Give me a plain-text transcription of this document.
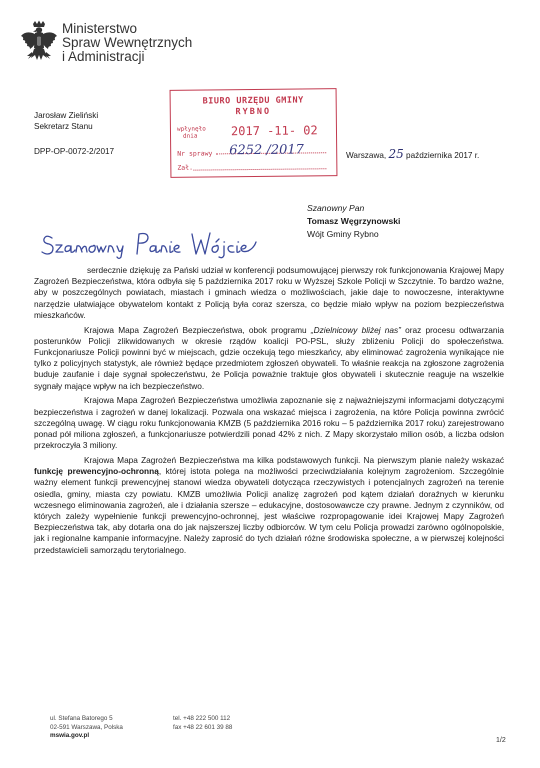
Ministerstwo
Spraw Wewnętrznych
i Administracji
Jarosław Zieliński
Sekretarz Stanu
DPP-OP-0072-2/2017
BIURO URZĘDU GMINY
RYBNO
wpłynęło
dnia	2017 -11- 02
Nr sprawy 6252 /2017
Zał.
Warszawa, 25 października 2017 r.
Szanowny Pan
Tomasz Węgrzynowski
Wójt Gminy Rybno

serdecznie dziękuję za Pański udział w konferencji podsumowującej pierwszy rok funkcjonowania Krajowej Mapy Zagrożeń Bezpieczeństwa, która odbyła się 5 października 2017 roku w Wyższej Szkole Policji w Szczytnie. To bardzo ważne, aby w poszczególnych powiatach, miastach i gminach wiedza o możliwościach, jakie daje to nowoczesne, interaktywne narzędzie ułatwiające obywatelom kontakt z Policją była coraz szersza, co będzie miało wpływ na poziom bezpieczeństwa mieszkańców.

Krajowa Mapa Zagrożeń Bezpieczeństwa, obok programu „Dzielnicowy bliżej nas” oraz procesu odtwarzania posterunków Policji zlikwidowanych w okresie rządów koalicji PO-PSL, służy zbliżeniu Policji do społeczeństwa. Funkcjonariusze Policji powinni być w miejscach, gdzie oczekują tego mieszkańcy, aby eliminować zagrożenia wynikające nie tylko z policyjnych statystyk, ale również będące przedmiotem zgłoszeń obywateli. To właśnie reakcja na zgłoszone zagrożenia buduje zaufanie i daje sygnał społeczeństwu, że Policja poważnie traktuje głos obywateli i skutecznie reaguje na wszelkie sygnały mające wpływ na ich bezpieczeństwo.

Krajowa Mapa Zagrożeń Bezpieczeństwa umożliwia zapoznanie się z najważniejszymi informacjami dotyczącymi bezpieczeństwa i zagrożeń w danej lokalizacji. Pozwala ona wskazać miejsca i zagrożenia, na które Policja powinna zwrócić szczególną uwagę. W ciągu roku funkcjonowania KMZB (5 października 2016 roku – 5 października 2017 roku) zarejestrowano ponad pół miliona zgłoszeń, a funkcjonariusze potwierdzili ponad 42% z nich. Z Mapy skorzystało milion osób, a liczba odsłon przekroczyła 3 miliony.

Krajowa Mapa Zagrożeń Bezpieczeństwa ma kilka podstawowych funkcji. Na pierwszym planie należy wskazać funkcję prewencyjno-ochronną, której istota polega na możliwości przeciwdziałania kolejnym zagrożeniom. Szczególnie ważny element funkcji prewencyjnej stanowi wiedza obywateli dotycząca rzeczywistych i potencjalnych zagrożeń na terenie osiedla, gminy, miasta czy powiatu. KMZB umożliwia Policji analizę zagrożeń pod kątem działań doraźnych w kierunku wczesnego eliminowania zagrożeń, ale i działania szersze – edukacyjne, dostosowawcze czy prawne. Jednym z czynników, od których zależy wypełnienie funkcji prewencyjno-ochronnej, jest właściwe rozpropagowanie idei Krajowej Mapy Zagrożeń Bezpieczeństwa tak, aby dotarła ona do jak najszerszej liczby odbiorców. W tym celu Policja prowadzi zarówno ogólnopolskie, jak i regionalne kampanie informacyjne. Należy zaprosić do tych działań różne środowiska społeczne, a w pierwszej kolejności przedstawicieli samorządu terytorialnego.

ul. Stefana Batorego 5
02-591 Warszawa, Polska
mswia.gov.pl
tel. +48 222 500 112
fax +48 22 601 39 88
1/2
